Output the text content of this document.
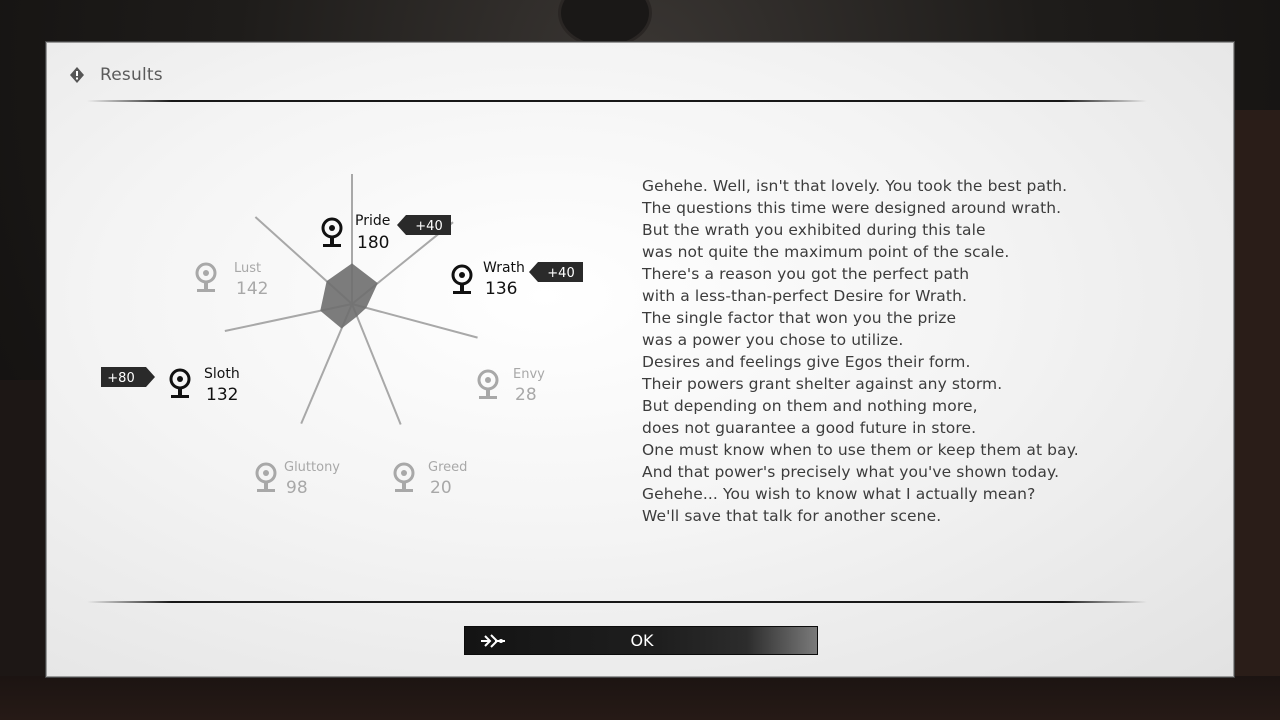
Results
Pride
180
+40
Wrath
136
+40
Envy
28
Greed
20
Gluttony
98
Sloth
132
+80
Lust
142
Gehehe. Well, isn't that lovely. You took the best path.
The questions this time were designed around wrath.
But the wrath you exhibited during this tale
was not quite the maximum point of the scale.
There's a reason you got the perfect path
with a less-than-perfect Desire for Wrath.
The single factor that won you the prize
was a power you chose to utilize.
Desires and feelings give Egos their form.
Their powers grant shelter against any storm.
But depending on them and nothing more,
does not guarantee a good future in store.
One must know when to use them or keep them at bay.
And that power's precisely what you've shown today.
Gehehe... You wish to know what I actually mean?
We'll save that talk for another scene.
OK
